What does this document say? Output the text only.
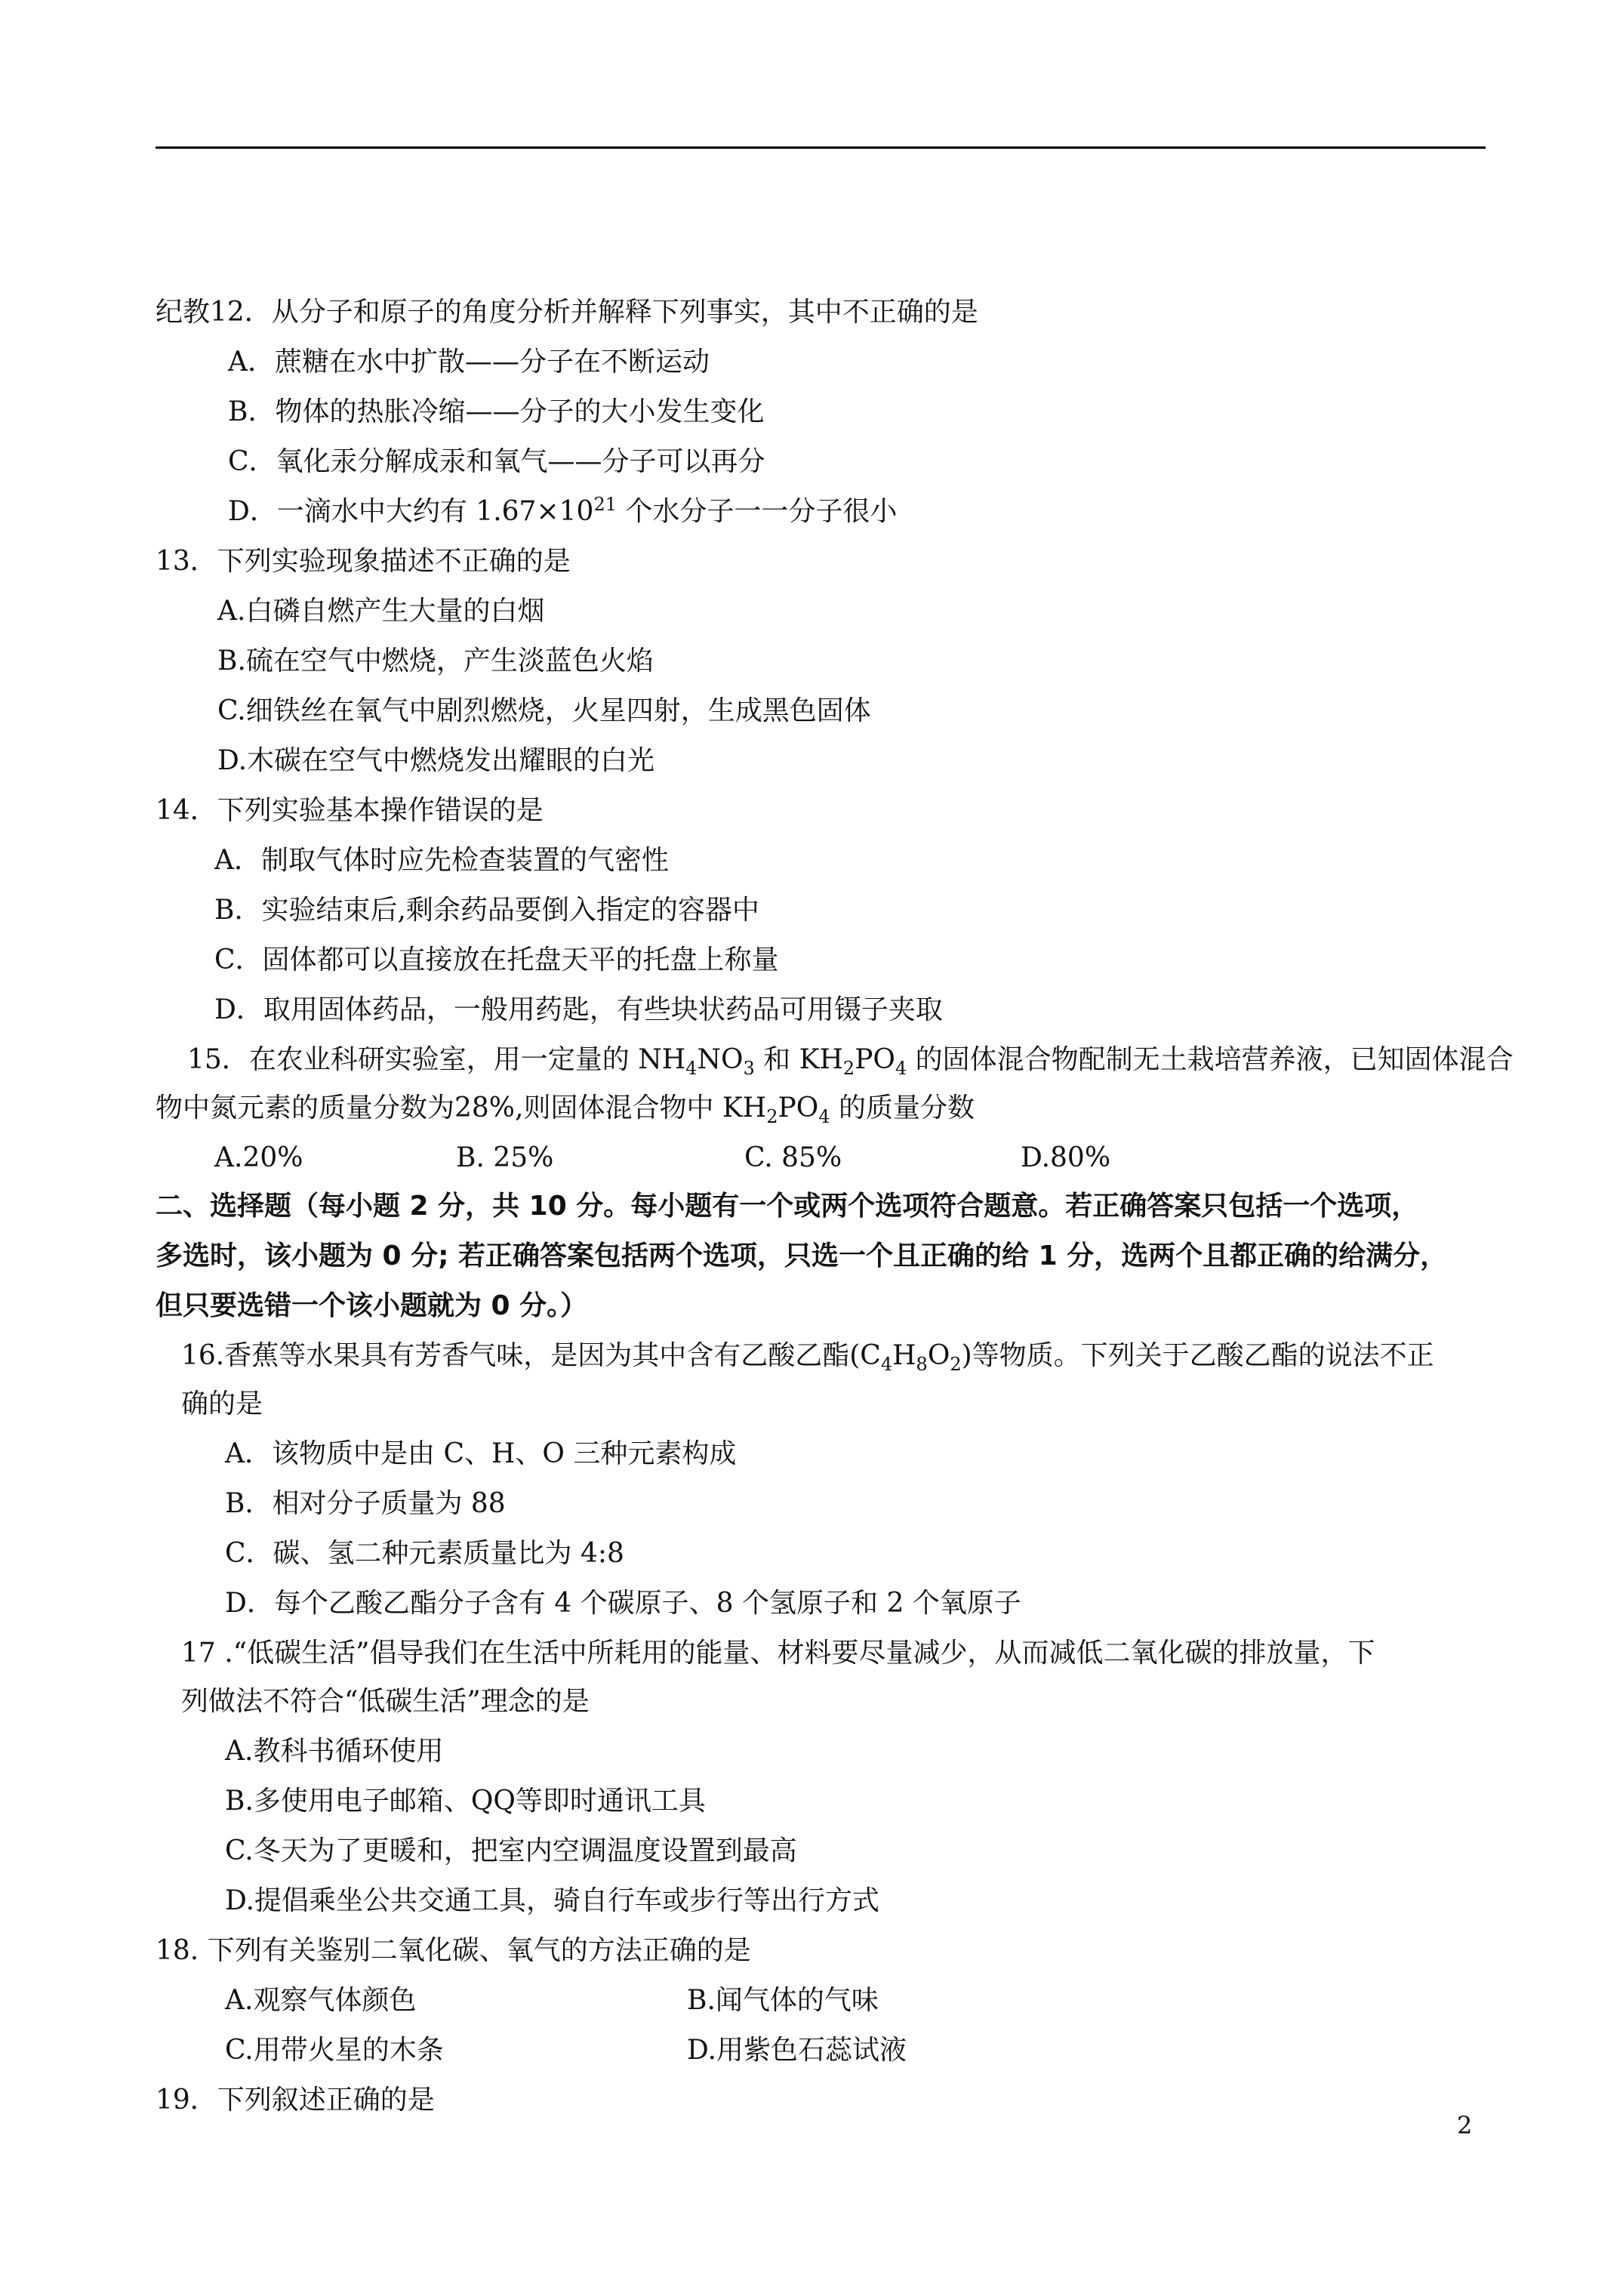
纪教12．从分子和原子的角度分析并解释下列事实，其中不正确的是
A．蔗糖在水中扩散——分子在不断运动
B．物体的热胀冷缩——分子的大小发生变化
C．氧化汞分解成汞和氧气——分子可以再分
D．一滴水中大约有 $1.67\times 10^{21}$ 个水分子一一分子很小
13．下列实验现象描述不正确的是
A.白磷自燃产生大量的白烟
B.硫在空气中燃烧，产生淡蓝色火焰
C.细铁丝在氧气中剧烈燃烧，火星四射，生成黑色固体
D.木碳在空气中燃烧发出耀眼的白光
14．下列实验基本操作错误的是
A．制取气体时应先检查装置的气密性
B．实验结束后,剩余药品要倒入指定的容器中
C．固体都可以直接放在托盘天平的托盘上称量
D．取用固体药品，一般用药匙，有些块状药品可用镊子夹取
15．在农业科研实验室，用一定量的 $NH_4NO_3$ 和 $KH_2PO_4$ 的固体混合物配制无土栽培营养液，已知固体混合
物中氮元素的质量分数为28%,则固体混合物中 $KH_2PO_4$ 的质量分数
A.20%	B. 25%	C. 85%	D.80%
二、选择题（每小题 2 分，共 10 分。每小题有一个或两个选项符合题意。若正确答案只包括一个选项，
多选时，该小题为 0 分; 若正确答案包括两个选项，只选一个且正确的给 1 分，选两个且都正确的给满分，
但只要选错一个该小题就为 0 分。）
16.香蕉等水果具有芳香气味，是因为其中含有乙酸乙酯$(C_4H_8O_2)$等物质。下列关于乙酸乙酯的说法不正
确的是
A．该物质中是由 C、H、O 三种元素构成
B．相对分子质量为 88
C．碳、氢二种元素质量比为 4:8
D．每个乙酸乙酯分子含有 4 个碳原子、8 个氢原子和 2 个氧原子
17 .“低碳生活”倡导我们在生活中所耗用的能量、材料要尽量减少，从而减低二氧化碳的排放量，下
列做法不符合“低碳生活”理念的是
A.教科书循环使用
B.多使用电子邮箱、QQ等即时通讯工具
C.冬天为了更暖和，把室内空调温度设置到最高
D.提倡乘坐公共交通工具，骑自行车或步行等出行方式
18. 下列有关鉴别二氧化碳、氧气的方法正确的是
A.观察气体颜色	B.闻气体的气味
C.用带火星的木条	D.用紫色石蕊试液
19．下列叙述正确的是
2
